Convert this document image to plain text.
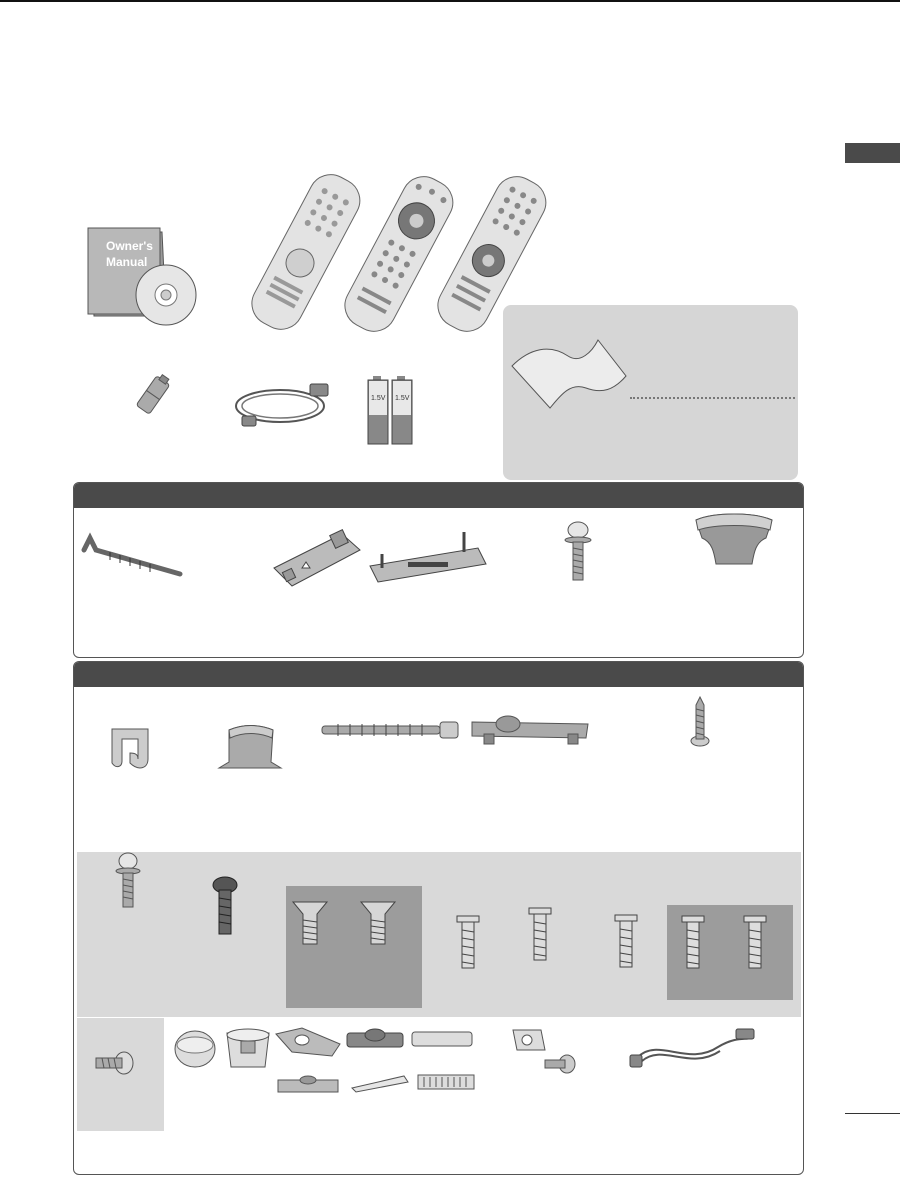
Owner's
Manual
1.5V 1.5V
